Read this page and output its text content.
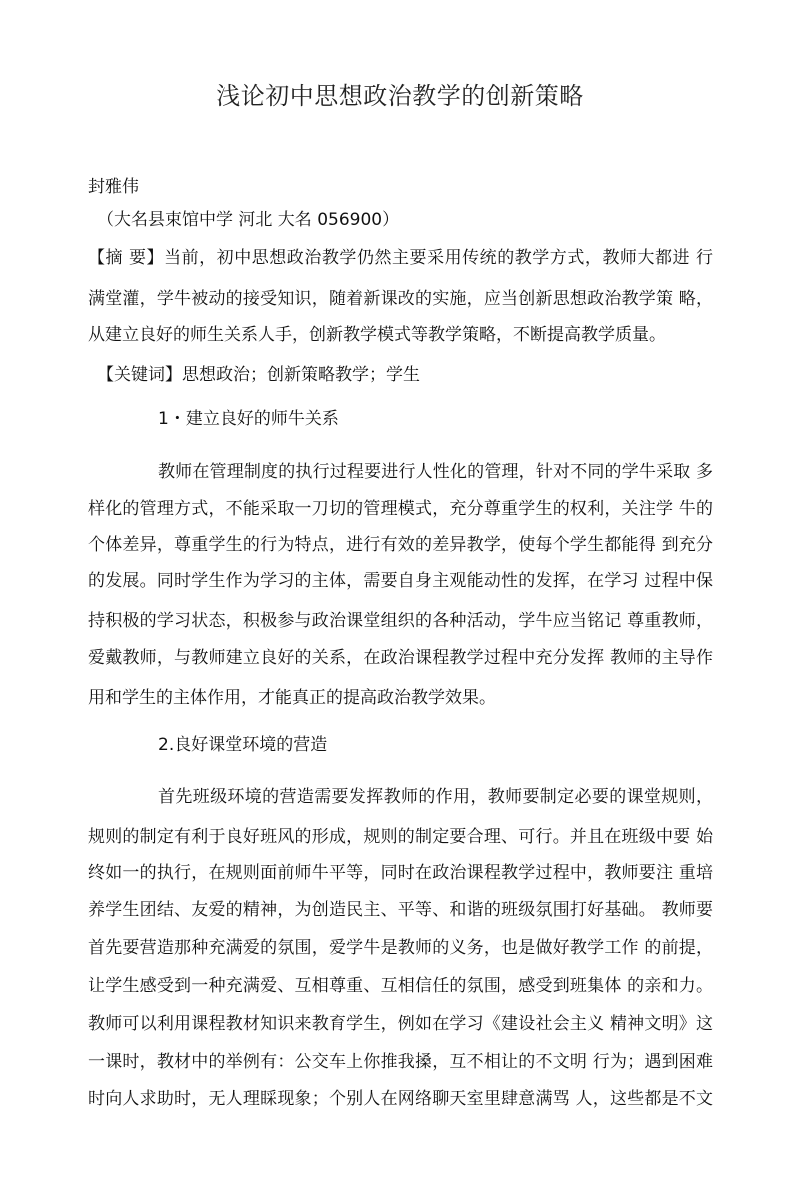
浅论初中思想政治教学的创新策略
封雅伟
（大名县束馆中学 河北 大名 056900）
【摘 要】当前，初中思想政治教学仍然主要采用传统的教学方式，教师大都进 行
满堂灌，学牛被动的接受知识，随着新课改的实施，应当创新思想政治教学策 略，
从建立良好的师生关系人手，创新教学模式等教学策略，不断提高教学质量。
【关键词】思想政治；创新策略教学；学生
1・建立良好的师牛关系
教师在管理制度的执行过程要进行人性化的管理，针对不同的学牛采取 多
样化的管理方式，不能采取一刀切的管理模式，充分尊重学生的权利，关注学 牛的
个体差异，尊重学生的行为特点，进行有效的差异教学，使每个学生都能得 到充分
的发展。同时学生作为学习的主体，需要自身主观能动性的发挥，在学习 过程中保
持积极的学习状态，积极参与政治课堂组织的各种活动，学牛应当铭记 尊重教师，
爱戴教师，与教师建立良好的关系，在政治课程教学过程中充分发挥 教师的主导作
用和学生的主体作用，才能真正的提高政治教学效果。
2.良好课堂环境的营造
首先班级环境的营造需要发挥教师的作用，教师要制定必要的课堂规则，
规则的制定有利于良好班风的形成，规则的制定要合理、可行。并且在班级中要 始
终如一的执行，在规则面前师牛平等，同时在政治课程教学过程中，教师要注 重培
养学生团结、友爱的精神，为创造民主、平等、和谐的班级氛围打好基础。 教师要
首先要营造那种充满爱的氛围，爱学牛是教师的义务，也是做好教学工作 的前提，
让学生感受到一种充满爱、互相尊重、互相信任的氛围，感受到班集体 的亲和力。
教师可以利用课程教材知识来教育学生，例如在学习《建设社会主义 精神文明》这
一课时，教材中的举例有：公交车上你推我搡，互不相让的不文明 行为；遇到困难
时向人求助时，无人理睬现象；个别人在网络聊天室里肆意满骂 人，这些都是不文
